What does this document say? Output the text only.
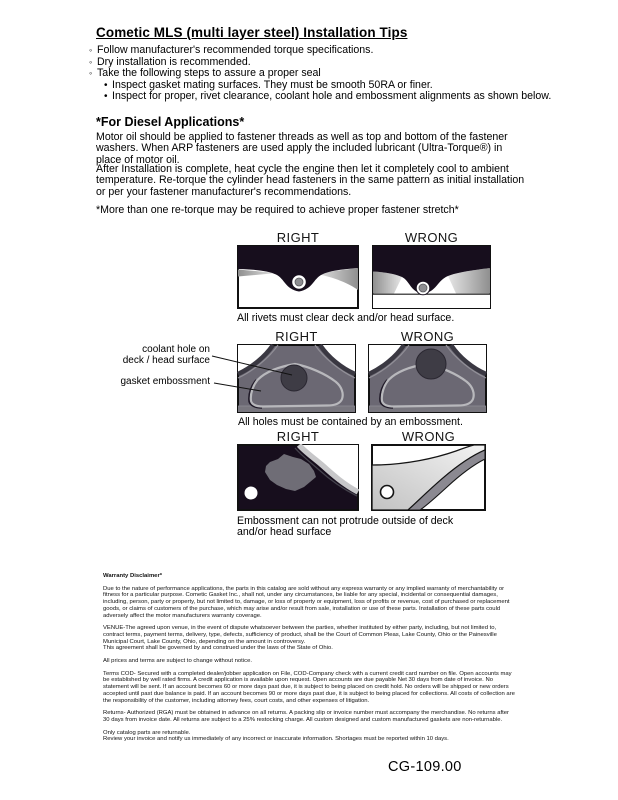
Cometic MLS (multi layer steel) Installation Tips
◦ Follow manufacturer's recommended torque specifications.
◦ Dry installation is recommended.
◦ Take the following steps to assure a proper seal
• Inspect gasket mating surfaces. They must be smooth 50RA or finer.
• Inspect for proper, rivet clearance, coolant hole and embossment alignments as shown below.
*For Diesel Applications*
Motor oil should be applied to fastener threads as well as top and bottom of the fastener washers. When ARP fasteners are used apply the included lubricant (Ultra-Torque®) in place of motor oil.
After Installation is complete, heat cycle the engine then let it completely cool to ambient temperature. Re-torque the cylinder head fasteners in the same pattern as initial installation or per your fastener manufacturer's recommendations.
*More than one re-torque may be required to achieve proper fastener stretch*
RIGHT	WRONG
All rivets must clear deck and/or head surface.
coolant hole on
deck / head surface
gasket embossment
RIGHT	WRONG
All holes must be contained by an embossment.
RIGHT	WRONG
Embossment can not protrude outside of deck
and/or head surface
Warranty Disclaimer*

Due to the nature of performance applications, the parts in this catalog are sold without any express warranty or any implied warranty of merchantability or fitness for a particular purpose. Cometic Gasket Inc., shall not, under any circumstances, be liable for any special, incidental or consequential damages, including, person, party or property, but not limited to, damage, or loss of property or equipment, loss of profits or revenue, cost of purchased or replacement goods, or claims of customers of the purchase, which may arise and/or result from sale, installation or use of these parts. Installation of these parts could adversely affect the motor manufacturers warranty coverage.

VENUE-The agreed upon venue, in the event of dispute whatsoever between the parties, whether instituted by either party, including, but not limited to, contract terms, payment terms, delivery, type, defects, sufficiency of product, shall be the Court of Common Pleas, Lake County, Ohio or the Painesville Municipal Court, Lake County, Ohio, depending on the amount in controversy.
This agreement shall be governed by and construed under the laws of the State of Ohio.

All prices and terms are subject to change without notice.

Terms COD- Secured with a completed dealer/jobber application on File, COD-Company check with a current credit card number on file. Open accounts may be established by well rated firms. A credit application is available upon request. Open accounts are due payable Net 30 days from date of invoice. No statement will be sent. If an account becomes 60 or more days past due, it is subject to being placed on credit hold. No orders will be shipped or new orders accepted until past due balance is paid. If an account becomes 90 or more days past due, it is subject to being placed for collections. All costs of collection are the responsibility of the customer, including attorney fees, court costs, and other expenses of litigation.

Returns- Authorized (RGA) must be obtained in advance on all returns. A packing slip or invoice number must accompany the merchandise. No returns after 30 days from invoice date. All returns are subject to a 25% restocking charge. All custom designed and custom manufactured gaskets are non-returnable.

Only catalog parts are returnable.
Review your invoice and notify us immediately of any incorrect or inaccurate information. Shortages must be reported within 10 days.

CG-109.00
